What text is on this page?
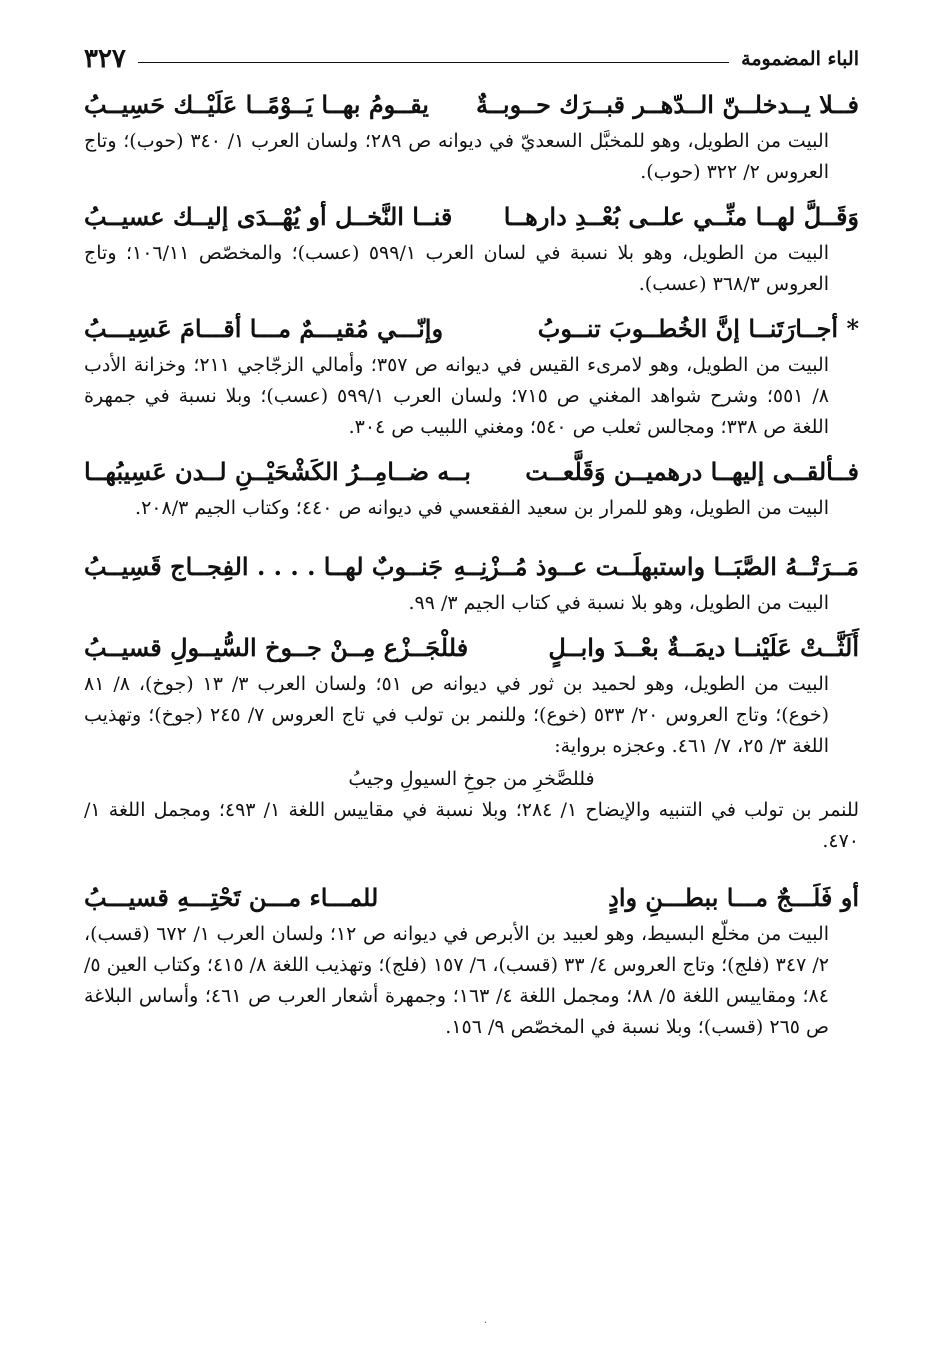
الباء المضمومة
٣٢٧
فــلا يــدخلــنّ الــدّهــر قبــرَك حــوبــةٌ
يقــومُ بهــا يَــوْمًــا عَلَيْــك حَسِيــبُ

البيت من الطويل، وهو للمخبَّل السعديّ في ديوانه ص ٢٨٩؛ ولسان العرب ١/ ٣٤٠ (حوب)؛ وتاج العروس ٢/ ٣٢٢ (حوب).

وَقَــلَّ لهــا منِّــي علــى بُعْــدِ دارهــا
قنــا النَّخــل أو يُهْــدَى إليــك عسيــبُ

البيت من الطويل، وهو بلا نسبة في لسان العرب ٥٩٩/١ (عسب)؛ والمخصّص ١٠٦/١١؛ وتاج العروس ٣٦٨/٣ (عسب).

* أجــارَتَنــا إنَّ الخُطــوبَ تنــوبُ
وإنّـــي مُقيـــمٌ مـــا أقـــامَ عَسِيـــبُ

البيت من الطويل، وهو لامرىء القيس في ديوانه ص ٣٥٧؛ وأمالي الزجّاجي ٢١١؛ وخزانة الأدب ٨/ ٥٥١؛ وشرح شواهد المغني ص ٧١٥؛ ولسان العرب ٥٩٩/١ (عسب)؛ وبلا نسبة في جمهرة اللغة ص ٣٣٨؛ ومجالس ثعلب ص ٥٤٠؛ ومغني اللبيب ص ٣٠٤.

فــألقــى إليهــا درهميــن وَقَلَّعــت
بــه ضــامِــرُ الكَشْحَيْــنِ لــدن عَسِيبُهــا

البيت من الطويل، وهو للمرار بن سعيد الفقعسي في ديوانه ص ٤٤٠؛ وكتاب الجيم ٢٠٨/٣.

مَــرَتْــهُ الصَّبَــا واستبهلَــت عــوذ مُــزْنِــهِ
جَنــوبٌ لهــا . . . . الفِجــاج قَسِيــبُ

البيت من الطويل، وهو بلا نسبة في كتاب الجيم ٣/ ٩٩.

أَلَثَّــتْ عَلَيْنــا ديمَــةٌ بعْــدَ وابــلٍ
فللْجَــزْع مِــنْ جــوخ السُّيــولِ قسيــبُ

البيت من الطويل، وهو لحميد بن ثور في ديوانه ص ٥١؛ ولسان العرب ٣/ ١٣ (جوخ)، ٨/ ٨١ (خوع)؛ وتاج العروس ٢٠/ ٥٣٣ (خوع)؛ وللنمر بن تولب في تاج العروس ٧/ ٢٤٥ (جوخ)؛ وتهذيب اللغة ٣/ ٢٥، ٧/ ٤٦١. وعجزه برواية:

فللصَّخرِ من جوخِ السيولِ وجيبُ

للنمر بن تولب في التنبيه والإيضاح ١/ ٢٨٤؛ وبلا نسبة في مقاييس اللغة ١/ ٤٩٣؛ ومجمل اللغة ١/ ٤٧٠.

أو فَلَـــجٌ مـــا ببطـــنِ وادٍ
للمـــاء مـــن تَحْتِـــهِ قسيـــبُ

البيت من مخلّع البسيط، وهو لعبيد بن الأبرص في ديوانه ص ١٢؛ ولسان العرب ١/ ٦٧٢ (قسب)، ٢/ ٣٤٧ (فلج)؛ وتاج العروس ٤/ ٣٣ (قسب)، ٦/ ١٥٧ (فلج)؛ وتهذيب اللغة ٨/ ٤١٥؛ وكتاب العين ٥/ ٨٤؛ ومقاييس اللغة ٥/ ٨٨؛ ومجمل اللغة ٤/ ١٦٣؛ وجمهرة أشعار العرب ص ٤٦١؛ وأساس البلاغة ص ٢٦٥ (قسب)؛ وبلا نسبة في المخصّص ٩/ ١٥٦.

·
